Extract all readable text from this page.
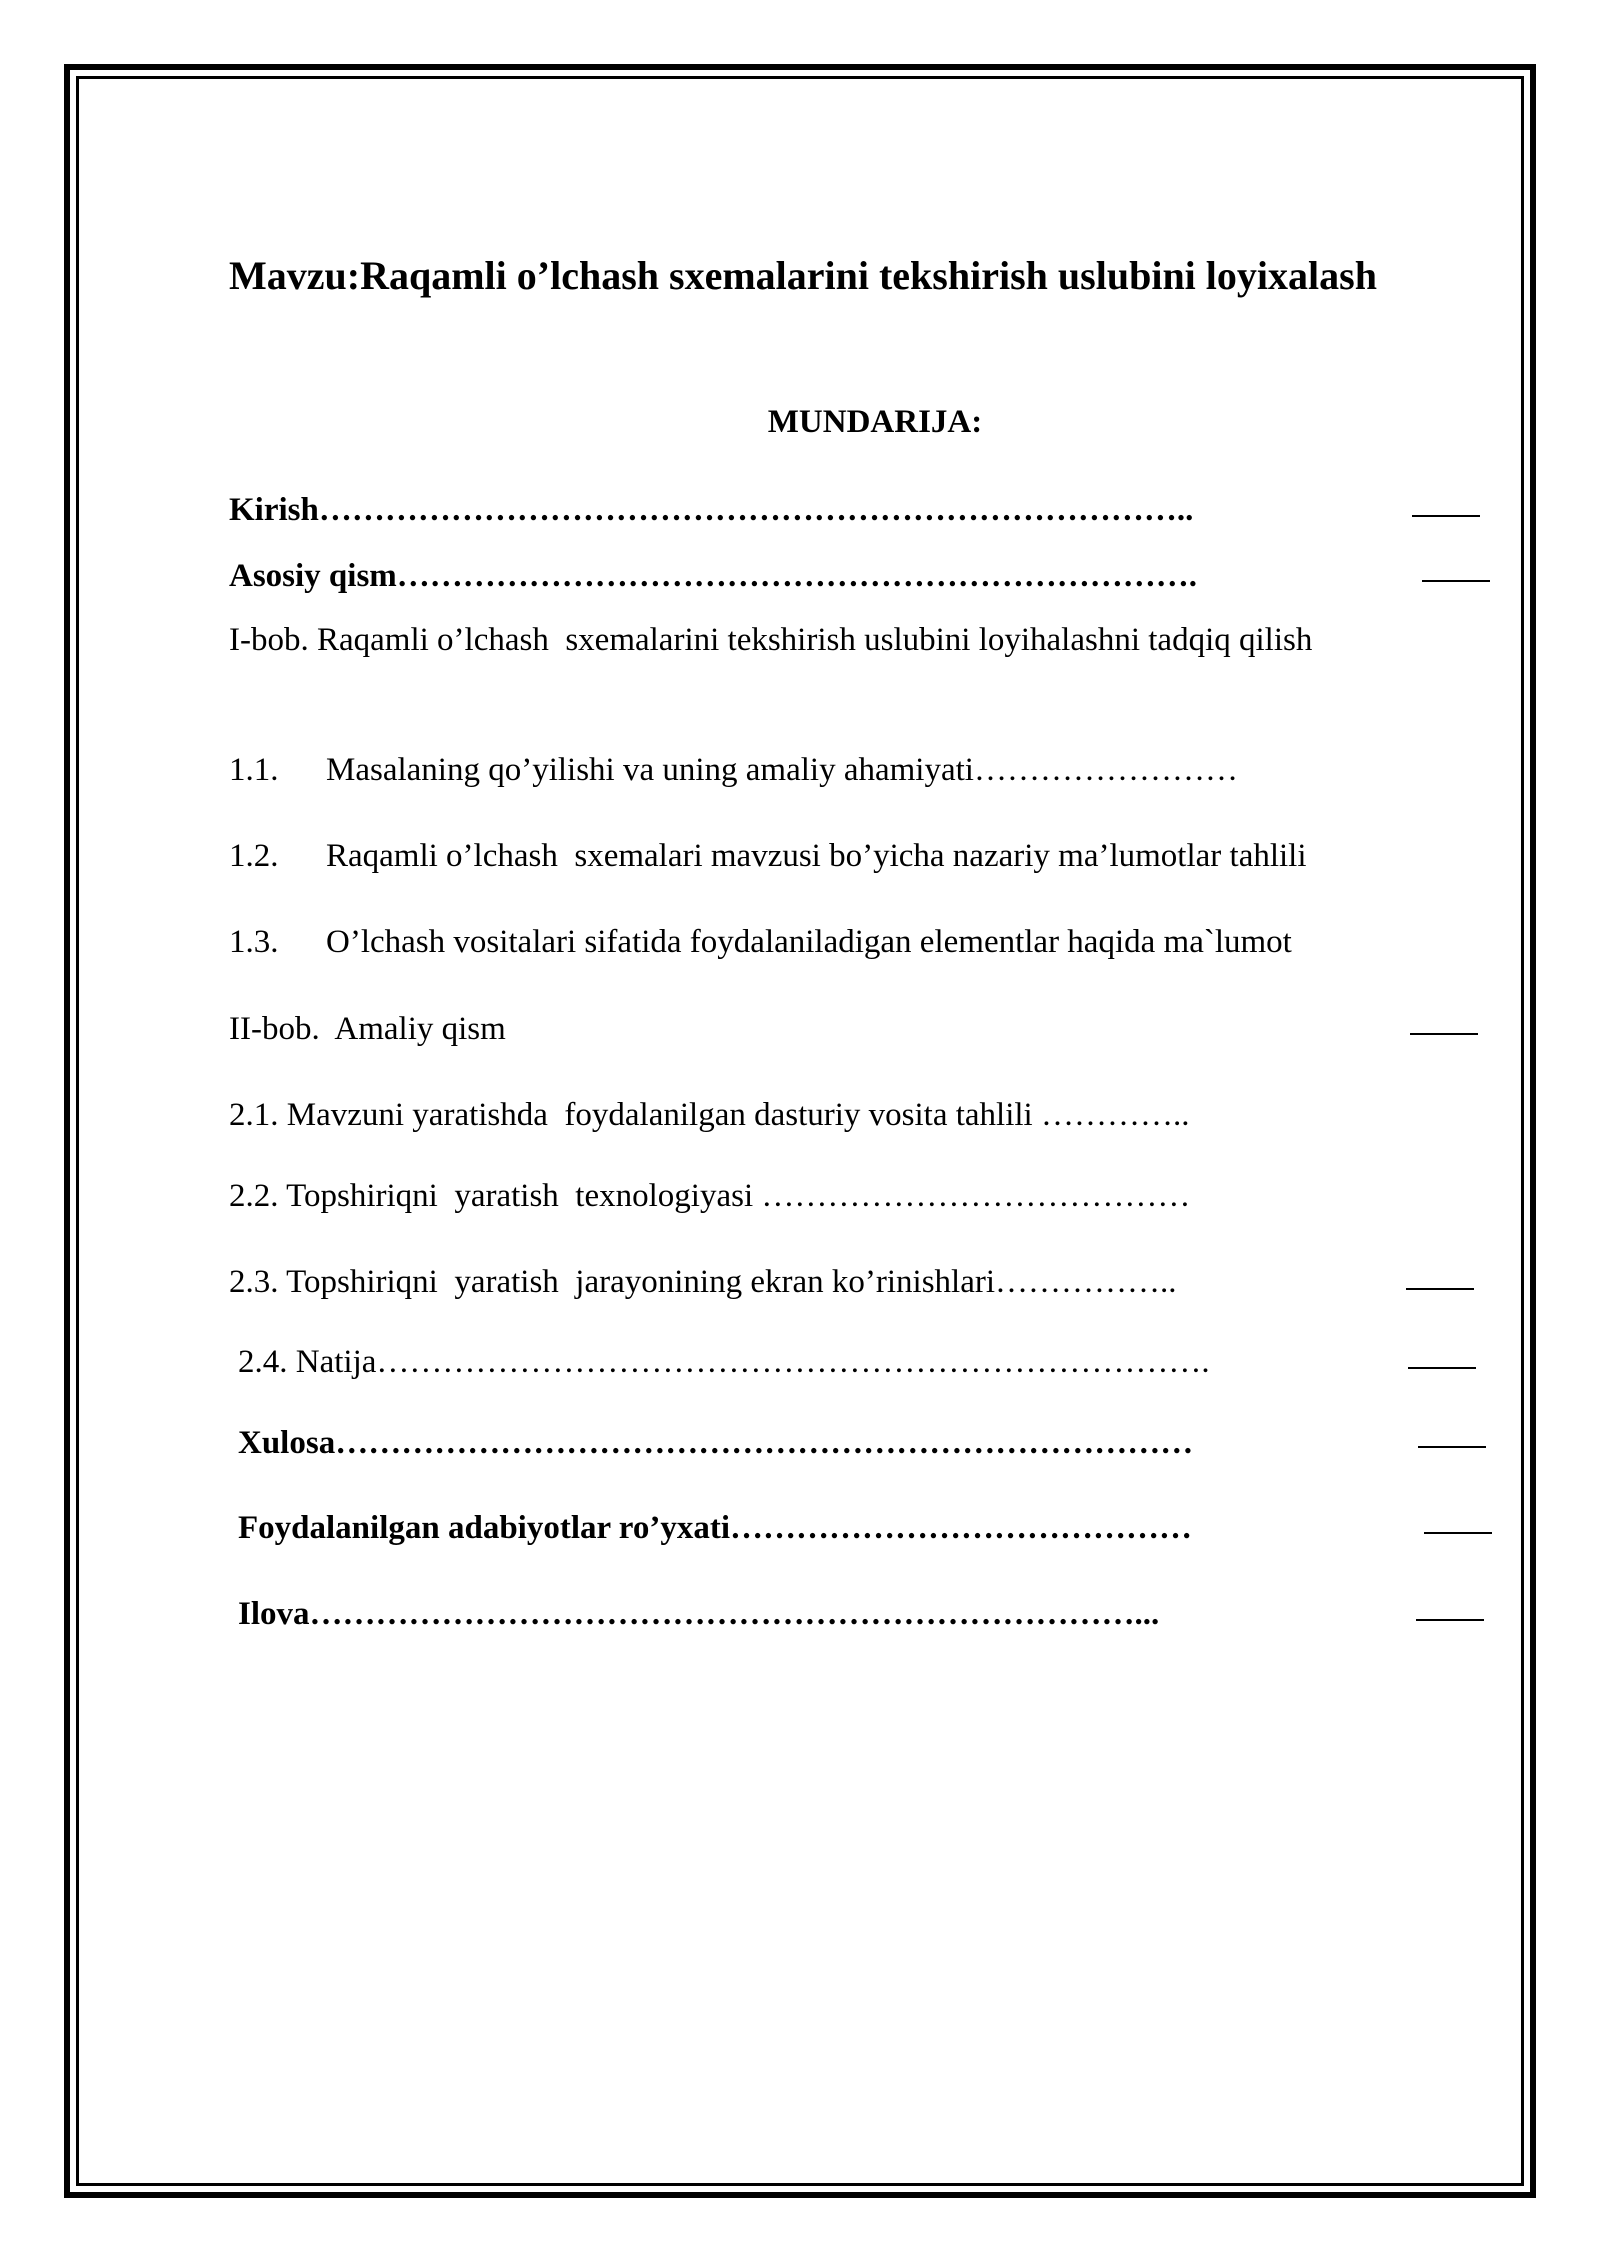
Mavzu:Raqamli o’lchash sxemalarini tekshirish uslubini loyixalash
MUNDARIJA:
Kirish……………………………………………………………………..
Asosiy qism……………………………………………………………….
I-bob. Raqamli o’lchash  sxemalarini tekshirish uslubini loyihalashni tadqiq qilish
1.1. Masalaning qo’yilishi va uning amaliy ahamiyati……………………
1.2. Raqamli o’lchash  sxemalari mavzusi bo’yicha nazariy ma’lumotlar tahlili
1.3. O’lchash vositalari sifatida foydalaniladigan elementlar haqida ma`lumot
II-bob.  Amaliy qism
2.1. Mavzuni yaratishda  foydalanilgan dasturiy vosita tahlili …………..
2.2. Topshiriqni  yaratish  texnologiyasi …………………………………
2.3. Topshiriqni  yaratish  jarayonining ekran ko’rinishlari……………..
2.4. Natija………………………………………………………………….
Xulosa……………………………………………………………………
Foydalanilgan adabiyotlar ro’yxati……………………………………
Ilova…………………………………………………………………...
